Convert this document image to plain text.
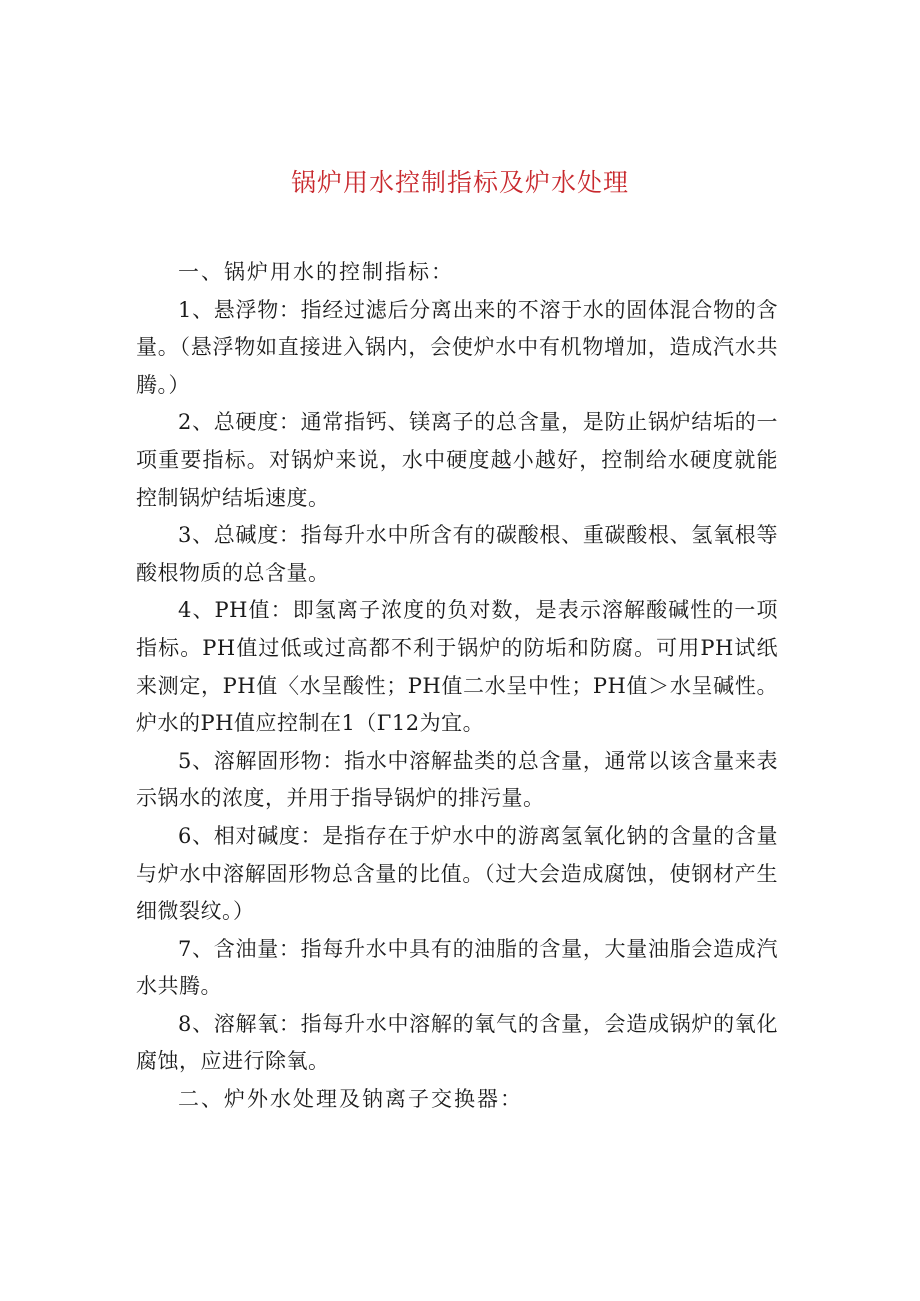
锅炉用水控制指标及炉水处理

一、锅炉用水的控制指标：

1、悬浮物：指经过滤后分离出来的不溶于水的固体混合物的含量。（悬浮物如直接进入锅内，会使炉水中有机物增加，造成汽水共腾。）

2、总硬度：通常指钙、镁离子的总含量，是防止锅炉结垢的一项重要指标。对锅炉来说，水中硬度越小越好，控制给水硬度就能控制锅炉结垢速度。

3、总碱度：指每升水中所含有的碳酸根、重碳酸根、氢氧根等酸根物质的总含量。

4、PH值：即氢离子浓度的负对数，是表示溶解酸碱性的一项指标。PH值过低或过高都不利于锅炉的防垢和防腐。可用PH试纸来测定，PH值〈水呈酸性；PH值二水呈中性；PH值＞水呈碱性。炉水的PH值应控制在1（Γ12为宜。

5、溶解固形物：指水中溶解盐类的总含量，通常以该含量来表示锅水的浓度，并用于指导锅炉的排污量。

6、相对碱度：是指存在于炉水中的游离氢氧化钠的含量的含量与炉水中溶解固形物总含量的比值。（过大会造成腐蚀，使钢材产生细微裂纹。）

7、含油量：指每升水中具有的油脂的含量，大量油脂会造成汽水共腾。

8、溶解氧：指每升水中溶解的氧气的含量，会造成锅炉的氧化腐蚀，应进行除氧。

二、炉外水处理及钠离子交换器：
